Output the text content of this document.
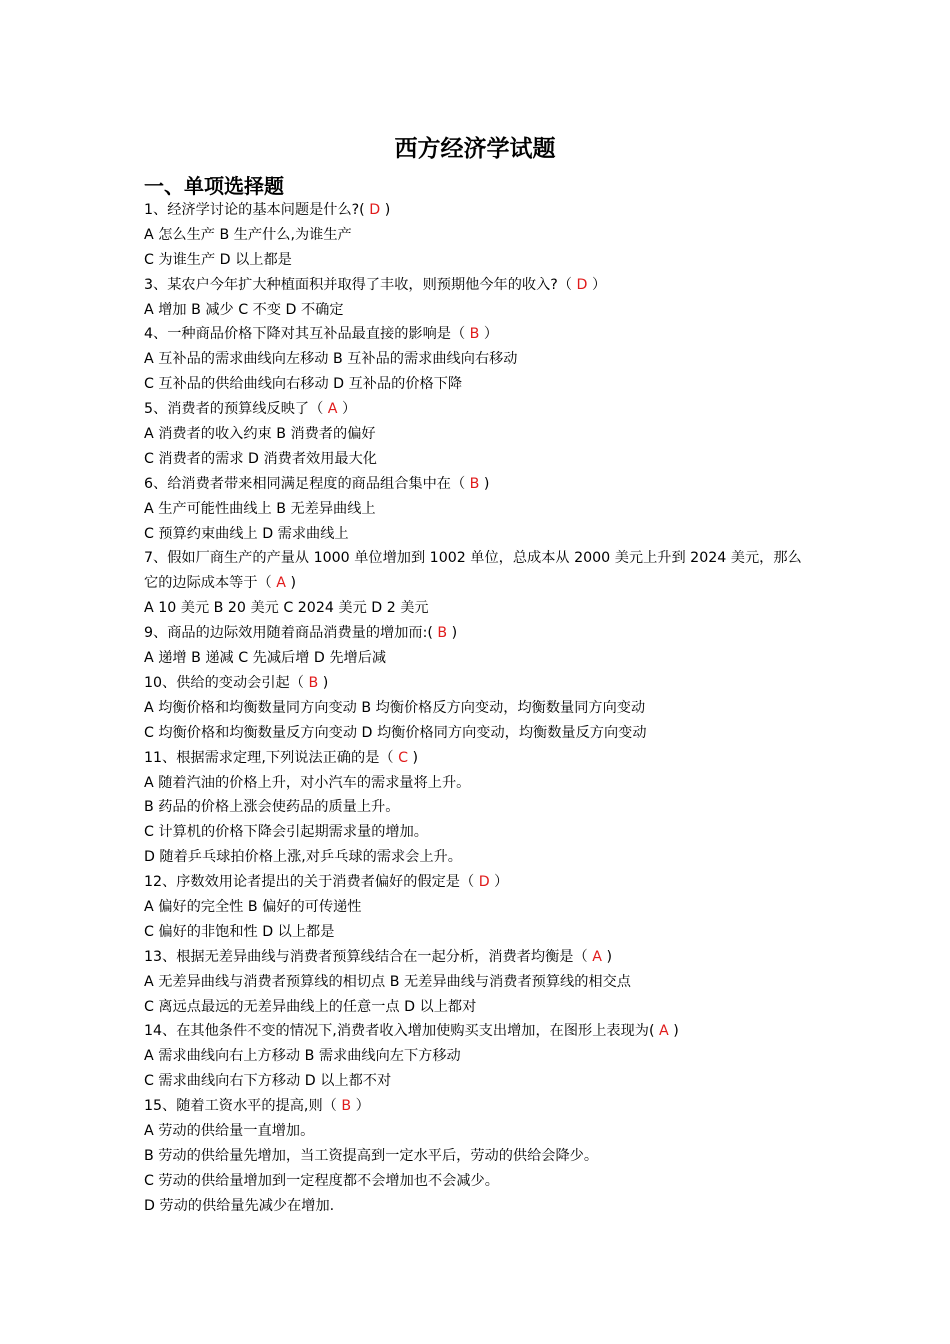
西方经济学试题
一、单项选择题
1、经济学讨论的基本问题是什么?( D )
A 怎么生产 B 生产什么,为谁生产
C 为谁生产 D 以上都是
3、某农户今年扩大种植面积并取得了丰收，则预期他今年的收入?（ D ）
A 增加 B 减少 C 不变 D 不确定
4、一种商品价格下降对其互补品最直接的影响是（ B ）
A 互补品的需求曲线向左移动 B 互补品的需求曲线向右移动
C 互补品的供给曲线向右移动 D 互补品的价格下降
5、消费者的预算线反映了（ A ）
A 消费者的收入约束 B 消费者的偏好
C 消费者的需求 D 消费者效用最大化
6、给消费者带来相同满足程度的商品组合集中在（ B )
A 生产可能性曲线上 B 无差异曲线上
C 预算约束曲线上 D 需求曲线上
7、假如厂商生产的产量从 1000 单位增加到 1002 单位，总成本从 2000 美元上升到 2024 美元，那么它的边际成本等于（ A )
A 10 美元 B 20 美元 C 2024 美元 D 2 美元
9、商品的边际效用随着商品消费量的增加而:( B )
A 递增 B 递减 C 先减后增 D 先增后减
10、供给的变动会引起（ B )
A 均衡价格和均衡数量同方向变动 B 均衡价格反方向变动，均衡数量同方向变动
C 均衡价格和均衡数量反方向变动 D 均衡价格同方向变动，均衡数量反方向变动
11、根据需求定理,下列说法正确的是（ C )
A 随着汽油的价格上升，对小汽车的需求量将上升。
B 药品的价格上涨会使药品的质量上升。
C 计算机的价格下降会引起期需求量的增加。
D 随着乒乓球拍价格上涨,对乒乓球的需求会上升。
12、序数效用论者提出的关于消费者偏好的假定是（ D ）
A 偏好的完全性 B 偏好的可传递性
C 偏好的非饱和性 D 以上都是
13、根据无差异曲线与消费者预算线结合在一起分析，消费者均衡是（ A )
A 无差异曲线与消费者预算线的相切点 B 无差异曲线与消费者预算线的相交点
C 离远点最远的无差异曲线上的任意一点 D 以上都对
14、在其他条件不变的情况下,消费者收入增加使购买支出增加，在图形上表现为( A )
A 需求曲线向右上方移动 B 需求曲线向左下方移动
C 需求曲线向右下方移动 D 以上都不对
15、随着工资水平的提高,则（ B ）
A 劳动的供给量一直增加。
B 劳动的供给量先增加，当工资提高到一定水平后，劳动的供给会降少。
C 劳动的供给量增加到一定程度都不会增加也不会减少。
D 劳动的供给量先减少在增加.
